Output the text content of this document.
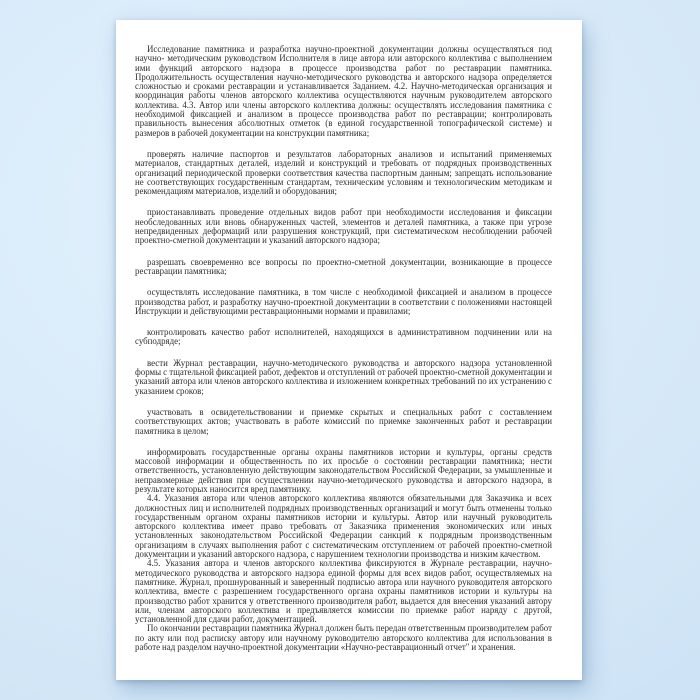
Исследование памятника и разработка научно-проектной документации должны осуществляться под научно- методическим руководством Исполнителя в лице автора или авторского коллектива с выполнением ими функций авторского надзора в процессе производства работ по реставрации памятника. Продолжительность осуществления научно-методического руководства и авторского надзора определяется сложностью и сроками реставрации и устанавливается Заданием. 4.2. Научно-методическая организация и координация работы членов авторского коллектива осуществляются научным руководителем авторского коллектива. 4.3. Автор или члены авторского коллектива должны: осуществлять исследования памятника с необходимой фиксацией и анализом в процессе производства работ по реставрации; контролировать правильность вынесения абсолютных отметок (в единой государственной топографической системе) и размеров в рабочей документации на конструкции памятника;

проверять наличие паспортов и результатов лабораторных анализов и испытаний применяемых материалов, стандартных деталей, изделий и конструкций и требовать от подрядных производственных организаций периодической проверки соответствия качества паспортным данным; запрещать использование не соответствующих государственным стандартам, техническим условиям и технологическим методикам и рекомендациям материалов, изделий и оборудования;

приостанавливать проведение отдельных видов работ при необходимости исследования и фиксации необследованных или вновь обнаруженных частей, элементов и деталей памятника, а также при угрозе непредвиденных деформаций или разрушения конструкций, при систематическом несоблюдении рабочей проектно-сметной документации и указаний авторского надзора;

разрешать своевременно все вопросы по проектно-сметной документации, возникающие в процессе реставрации памятника;

осуществлять исследование памятника, в том числе с необходимой фиксацией и анализом в процессе производства работ, и разработку научно-проектной документации в соответствии с положениями настоящей Инструкции и действующими реставрационными нормами и правилами;

контролировать качество работ исполнителей, находящихся в административном подчинении или на субподряде;

вести Журнал реставрации, научно-методического руководства и авторского надзора установленной формы с тщательной фиксацией работ, дефектов и отступлений от рабочей проектно-сметной документации и указаний автора или членов авторского коллектива и изложением конкретных требований по их устранению с указанием сроков;

участвовать в освидетельствовании и приемке скрытых и специальных работ с составлением соответствующих актов; участвовать в работе комиссий по приемке законченных работ и реставрации памятника в целом;

информировать государственные органы охраны памятников истории и культуры, органы средств массовой информации и общественность по их просьбе о состоянии реставрации памятника; нести ответственность, установленную действующим законодательством Российской Федерации, за умышленные и неправомерные действия при осуществлении научно-методического руководства и авторского надзора, в результате которых наносится вред памятнику.

4.4. Указания автора или членов авторского коллектива являются обязательными для Заказчика и всех должностных лиц и исполнителей подрядных производственных организаций и могут быть отменены только государственным органом охраны памятников истории и культуры. Автор или научный руководитель авторского коллектива имеет право требовать от Заказчика применения экономических или иных установленных законодательством Российской Федерации санкций к подрядным производственным организациям в случаях выполнения работ с систематическим отступлением от рабочей проектно-сметной документации и указаний авторского надзора, с нарушением технологии производства и низким качеством.

4.5. Указания автора и членов авторского коллектива фиксируются в Журнале реставрации, научно-методического руководства и авторского надзора единой формы для всех видов работ, осуществляемых на памятнике. Журнал, прошнурованный и заверенный подписью автора или научного руководителя авторского коллектива, вместе с разрешением государственного органа охраны памятников истории и культуры на производство работ хранится у ответственного производителя работ, выдается для внесения указаний автору или, членам авторского коллектива и предъявляется комиссии по приемке работ наряду с другой, установленной для сдачи работ, документацией.

По окончании реставрации памятника Журнал должен быть передан ответственным производителем работ по акту или под расписку автору или научному руководителю авторского коллектива для использования в работе над разделом научно-проектной документации «Научно-реставрационный отчет" и хранения.
